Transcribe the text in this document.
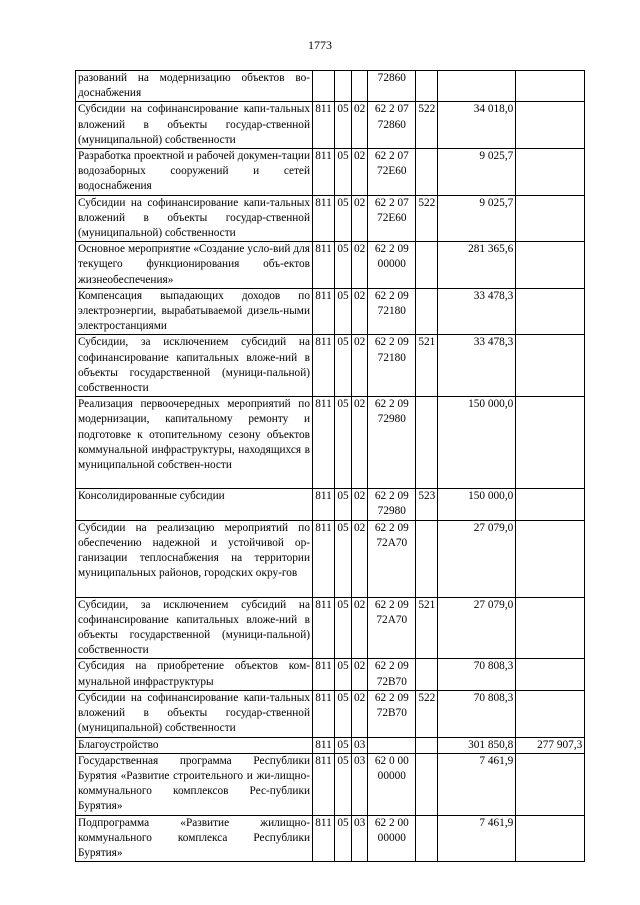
1773
разований на модернизацию объектов во-доснабжения				72860			
Субсидии на софинансирование капи-тальных вложений в объекты государ-ственной (муниципальной) собственности	811	05	02	62 2 07 72860	522	34 018,0	
Разработка проектной и рабочей докумен-тации водозаборных сооружений и сетей водоснабжения	811	05	02	62 2 07 72Е60		9 025,7	
Субсидии на софинансирование капи-тальных вложений в объекты государ-ственной (муниципальной) собственности	811	05	02	62 2 07 72Е60	522	9 025,7	
Основное мероприятие «Создание усло-вий для текущего функционирования объ-ектов жизнеобеспечения»	811	05	02	62 2 09 00000		281 365,6	
Компенсация выпадающих доходов по электроэнергии, вырабатываемой дизель-ными электростанциями	811	05	02	62 2 09 72180		33 478,3	
Субсидии, за исключением субсидий на софинансирование капитальных вложе-ний в объекты государственной (муници-пальной) собственности	811	05	02	62 2 09 72180	521	33 478,3	
Реализация первоочередных мероприятий по модернизации, капитальному ремонту и подготовке к отопительному сезону объектов коммунальной инфраструктуры, находящихся в муниципальной собствен-ности	811	05	02	62 2 09 72980		150 000,0	
Консолидированные субсидии	811	05	02	62 2 09 72980	523	150 000,0	
Субсидии на реализацию мероприятий по обеспечению надежной и устойчивой ор-ганизации теплоснабжения на территории муниципальных районов, городских окру-гов	811	05	02	62 2 09 72А70		27 079,0	
Субсидии, за исключением субсидий на софинансирование капитальных вложе-ний в объекты государственной (муници-пальной) собственности	811	05	02	62 2 09 72А70	521	27 079,0	
Субсидия на приобретение объектов ком-мунальной инфраструктуры	811	05	02	62 2 09 72В70		70 808,3	
Субсидии на софинансирование капи-тальных вложений в объекты государ-ственной (муниципальной) собственности	811	05	02	62 2 09 72В70	522	70 808,3	
Благоустройство	811	05	03			301 850,8	277 907,3
Государственная программа Республики Бурятия «Развитие строительного и жи-лищно-коммунального комплексов Рес-публики Бурятия»	811	05	03	62 0 00 00000		7 461,9	
Подпрограмма «Развитие жилищно-коммунального комплекса Республики Бурятия»	811	05	03	62 2 00 00000		7 461,9	
